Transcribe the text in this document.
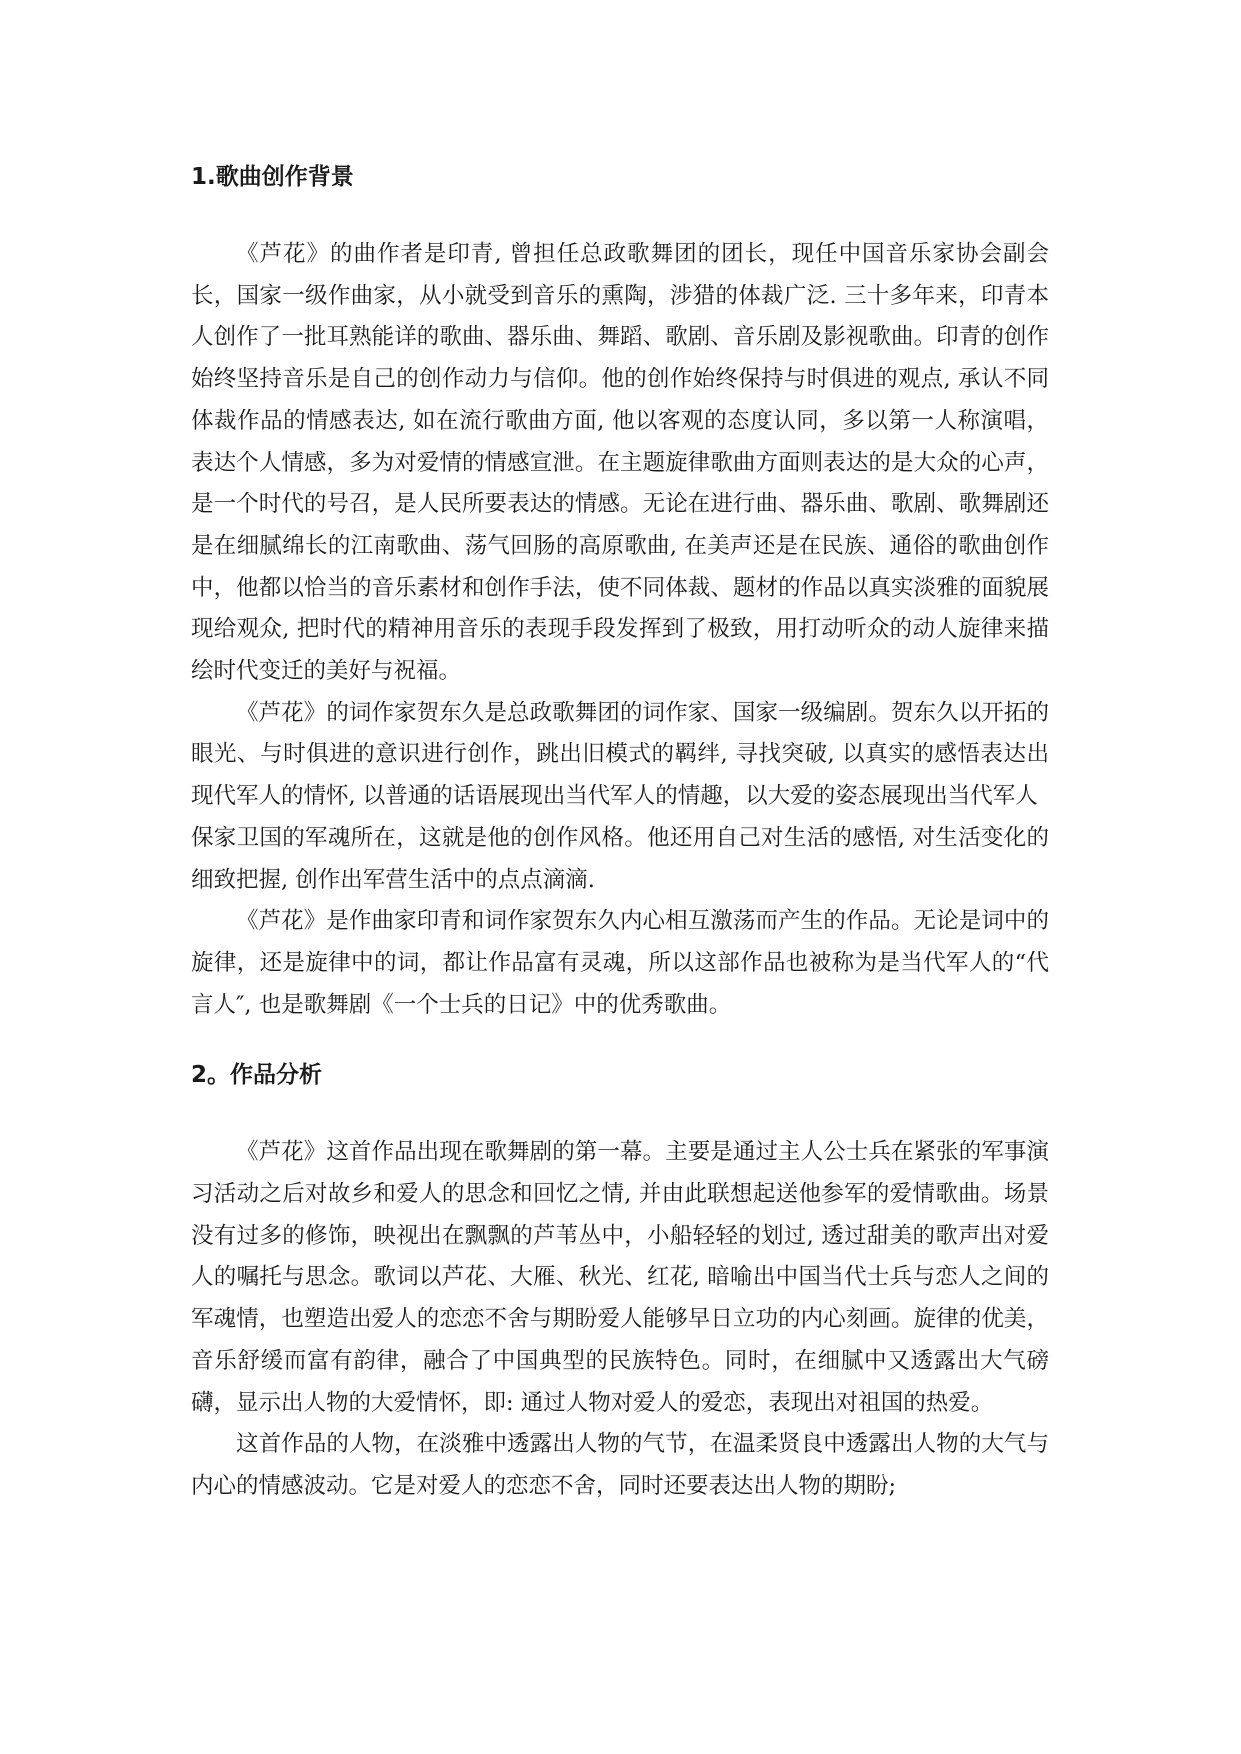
1.歌曲创作背景

《芦花》的曲作者是印青, 曾担任总政歌舞团的团长，现任中国音乐家协会副会长，国家一级作曲家，从小就受到音乐的熏陶，涉猎的体裁广泛. 三十多年来，印青本人创作了一批耳熟能详的歌曲、器乐曲、舞蹈、歌剧、音乐剧及影视歌曲。印青的创作始终坚持音乐是自己的创作动力与信仰。他的创作始终保持与时俱进的观点, 承认不同体裁作品的情感表达, 如在流行歌曲方面, 他以客观的态度认同，多以第一人称演唱，表达个人情感，多为对爱情的情感宣泄。在主题旋律歌曲方面则表达的是大众的心声，是一个时代的号召，是人民所要表达的情感。无论在进行曲、器乐曲、歌剧、歌舞剧还是在细腻绵长的江南歌曲、荡气回肠的高原歌曲, 在美声还是在民族、通俗的歌曲创作中，他都以恰当的音乐素材和创作手法，使不同体裁、题材的作品以真实淡雅的面貌展现给观众, 把时代的精神用音乐的表现手段发挥到了极致，用打动听众的动人旋律来描绘时代变迁的美好与祝福。

《芦花》的词作家贺东久是总政歌舞团的词作家、国家一级编剧。贺东久以开拓的眼光、与时俱进的意识进行创作，跳出旧模式的羁绊, 寻找突破, 以真实的感悟表达出现代军人的情怀, 以普通的话语展现出当代军人的情趣，以大爱的姿态展现出当代军人

保家卫国的军魂所在，这就是他的创作风格。他还用自己对生活的感悟, 对生活变化的细致把握, 创作出军营生活中的点点滴滴.

《芦花》是作曲家印青和词作家贺东久内心相互激荡而产生的作品。无论是词中的旋律，还是旋律中的词，都让作品富有灵魂，所以这部作品也被称为是当代军人的“代言人″, 也是歌舞剧《一个士兵的日记》中的优秀歌曲。

2。作品分析

《芦花》这首作品出现在歌舞剧的第一幕。主要是通过主人公士兵在紧张的军事演习活动之后对故乡和爱人的思念和回忆之情, 并由此联想起送他参军的爱情歌曲。场景没有过多的修饰，映视出在飘飘的芦苇丛中，小船轻轻的划过, 透过甜美的歌声出对爱人的嘱托与思念。歌词以芦花、大雁、秋光、红花, 暗喻出中国当代士兵与恋人之间的军魂情，也塑造出爱人的恋恋不舍与期盼爱人能够早日立功的内心刻画。旋律的优美，音乐舒缓而富有韵律，融合了中国典型的民族特色。同时，在细腻中又透露出大气磅礴，显示出人物的大爱情怀，即: 通过人物对爱人的爱恋，表现出对祖国的热爱。

这首作品的人物，在淡雅中透露出人物的气节，在温柔贤良中透露出人物的大气与内心的情感波动。它是对爱人的恋恋不舍，同时还要表达出人物的期盼;
